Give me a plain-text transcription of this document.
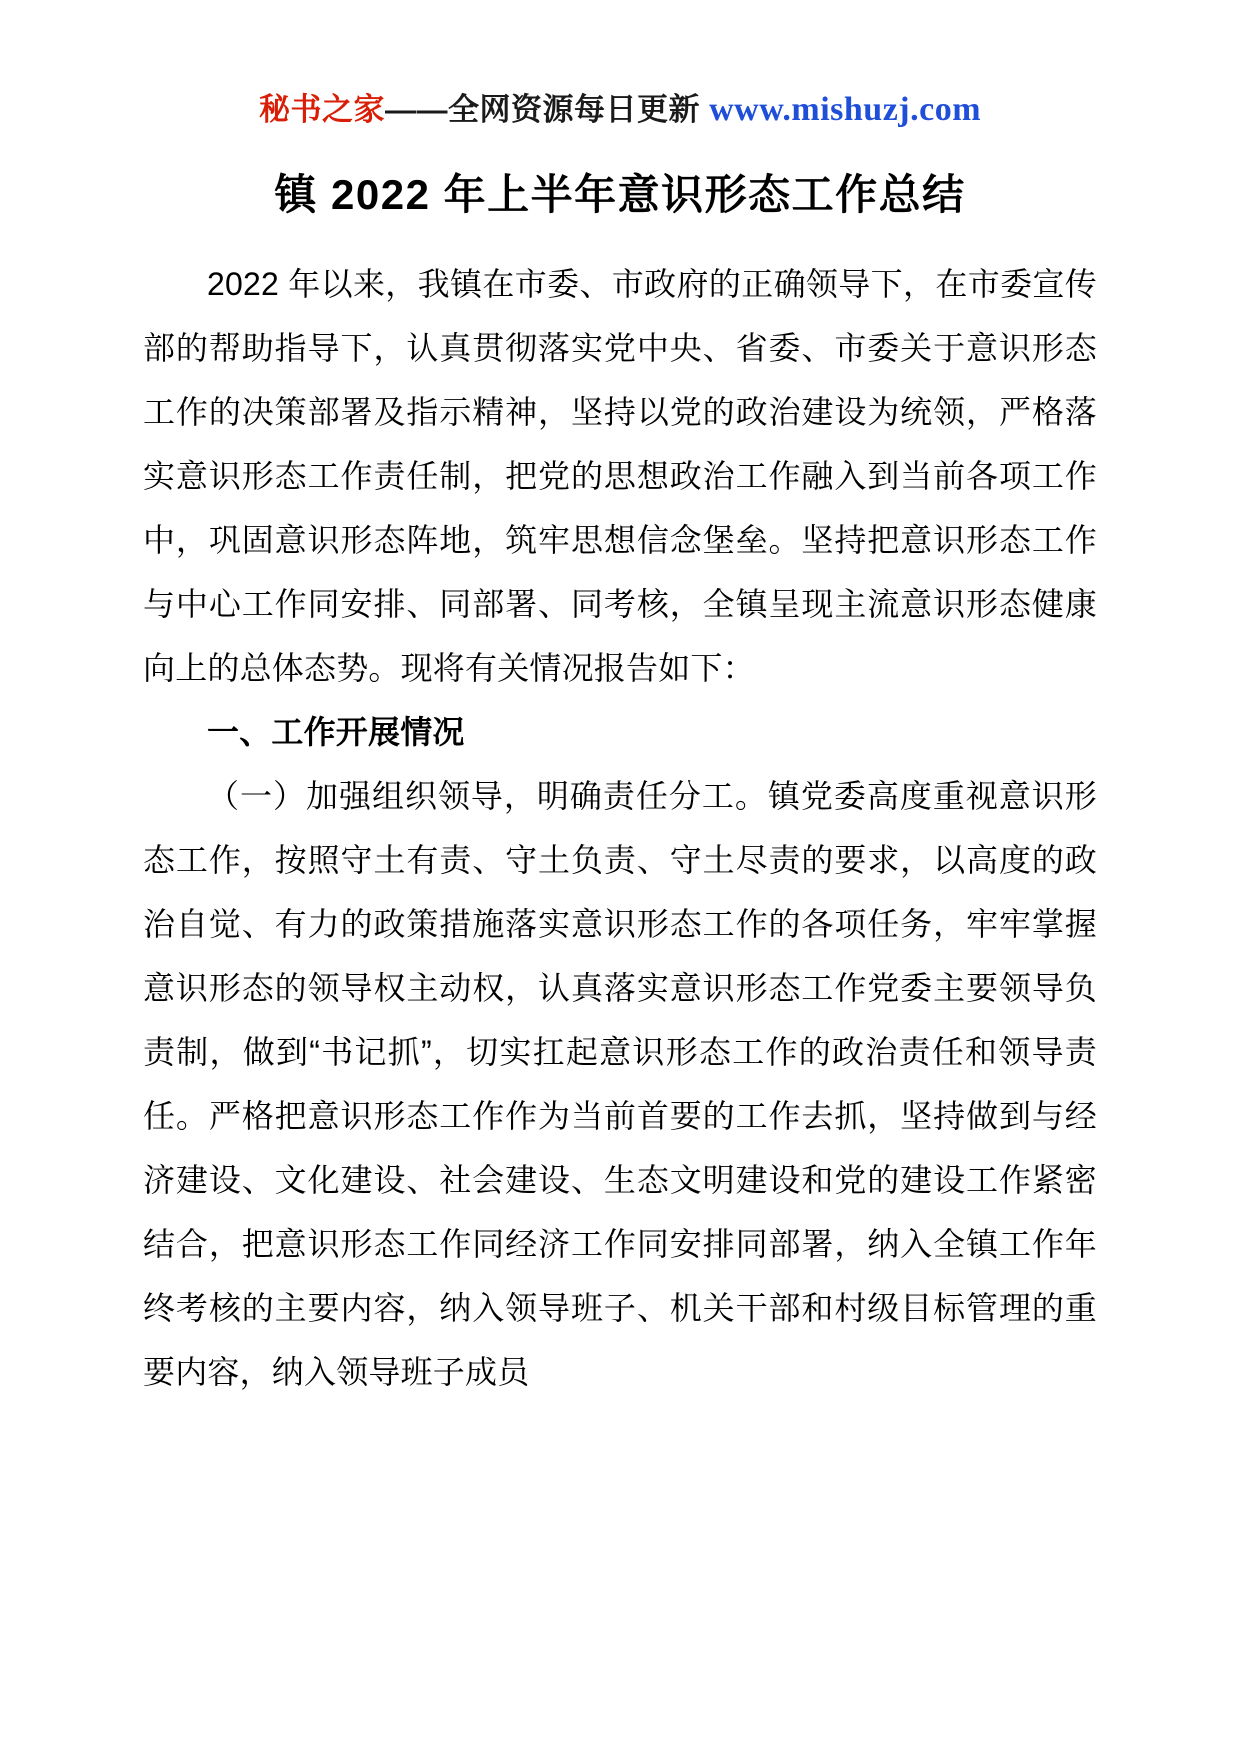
秘书之家——全网资源每日更新 www.mishuzj.com
镇 2022 年上半年意识形态工作总结

2022 年以来，我镇在市委、市政府的正确领导下，在市委宣传部的帮助指导下，认真贯彻落实党中央、省委、市委关于意识形态工作的决策部署及指示精神，坚持以党的政治建设为统领，严格落实意识形态工作责任制，把党的思想政治工作融入到当前各项工作中，巩固意识形态阵地，筑牢思想信念堡垒。坚持把意识形态工作与中心工作同安排、同部署、同考核，全镇呈现主流意识形态健康向上的总体态势。现将有关情况报告如下：

一、工作开展情况

（一）加强组织领导，明确责任分工。镇党委高度重视意识形态工作，按照守土有责、守土负责、守土尽责的要求，以高度的政治自觉、有力的政策措施落实意识形态工作的各项任务，牢牢掌握意识形态的领导权主动权，认真落实意识形态工作党委主要领导负责制，做到“书记抓”，切实扛起意识形态工作的政治责任和领导责任。严格把意识形态工作作为当前首要的工作去抓，坚持做到与经济建设、文化建设、社会建设、生态文明建设和党的建设工作紧密结合，把意识形态工作同经济工作同安排同部署，纳入全镇工作年终考核的主要内容，纳入领导班子、机关干部和村级目标管理的重要内容，纳入领导班子成员
